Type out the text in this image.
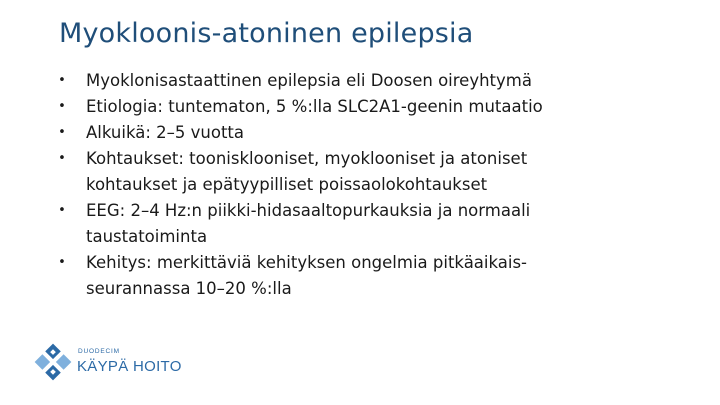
Myokloonis-atoninen epilepsia
• Myoklonisastaattinen epilepsia eli Doosen oireyhtymä
• Etiologia: tuntematon, 5 %:lla SLC2A1-geenin mutaatio
• Alkuikä: 2–5 vuotta
• Kohtaukset: toonisklooniset, myoklooniset ja atoniset
kohtaukset ja epätyypilliset poissaolokohtaukset
• EEG: 2–4 Hz:n piikki-hidasaaltopurkauksia ja normaali
taustatoiminta
• Kehitys: merkittäviä kehityksen ongelmia pitkäaikais-
seurannassa 10–20 %:lla
DUODECIM
KÄYPÄ HOITO
